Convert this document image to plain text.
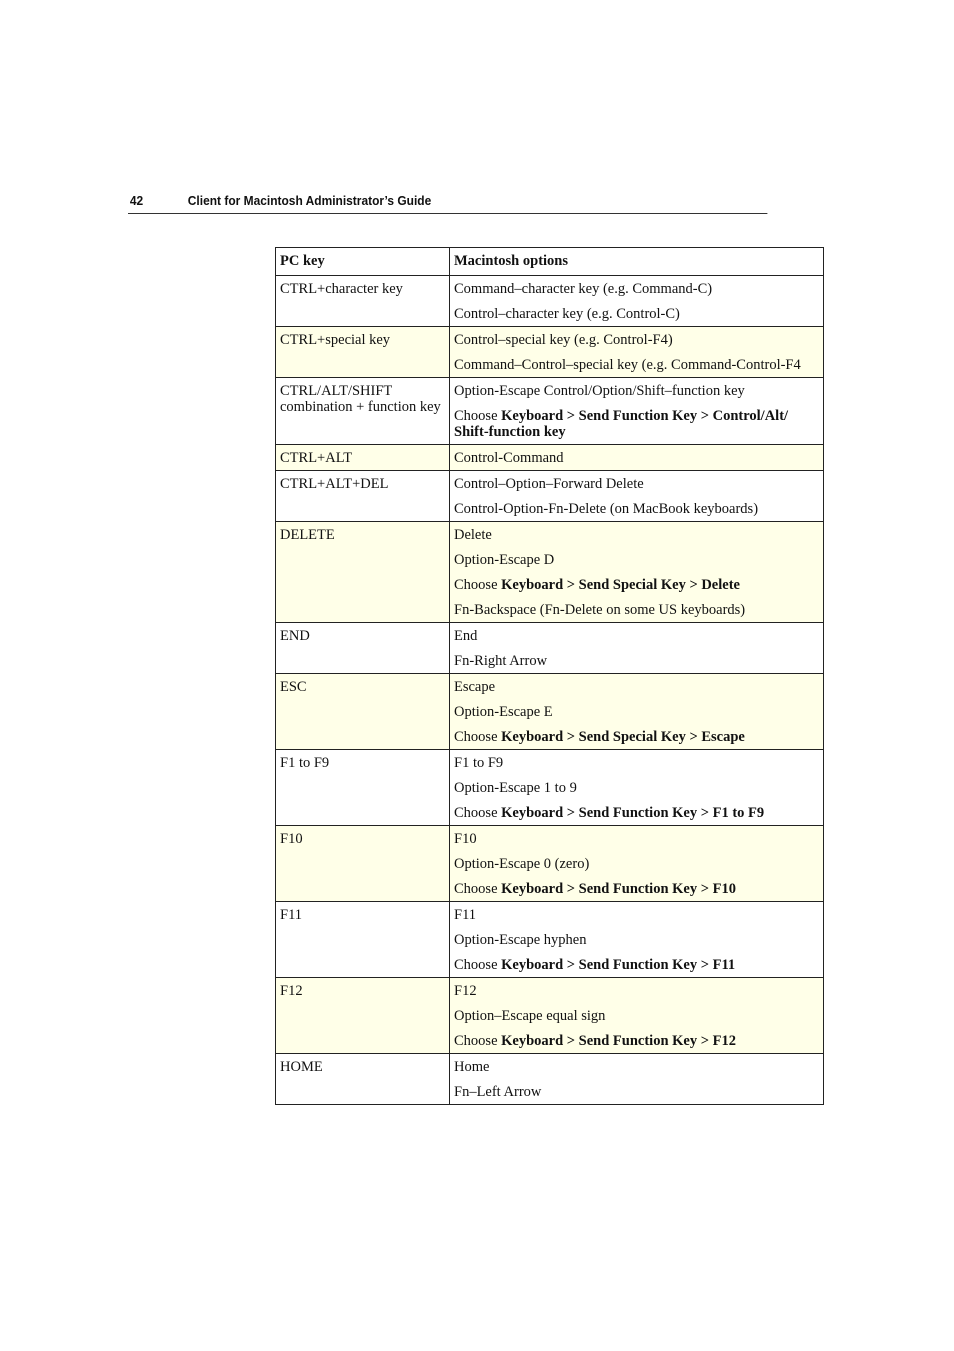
42	Client for Macintosh Administrator’s Guide
PC key	Macintosh options
CTRL+character key	Command–character key (e.g. Command-C)
Control–character key (e.g. Control-C)

CTRL+special key	Control–special key (e.g. Control-F4)
Command–Control–special key (e.g. Command-Control-F4

CTRL/ALT/SHIFT combination + function key	Option-Escape Control/Option/Shift–function key
Choose Keyboard > Send Function Key > Control/Alt/ Shift-function key

CTRL+ALT	Control-Command

CTRL+ALT+DEL	Control–Option–Forward Delete
Control-Option-Fn-Delete (on MacBook keyboards)

DELETE	Delete
Option-Escape D
Choose Keyboard > Send Special Key > Delete
Fn-Backspace (Fn-Delete on some US keyboards)

END	End
Fn-Right Arrow

ESC	Escape
Option-Escape E
Choose Keyboard > Send Special Key > Escape

F1 to F9	F1 to F9
Option-Escape 1 to 9
Choose Keyboard > Send Function Key > F1 to F9

F10	F10
Option-Escape 0 (zero)
Choose Keyboard > Send Function Key > F10

F11	F11
Option-Escape hyphen
Choose Keyboard > Send Function Key > F11

F12	F12
Option–Escape equal sign
Choose Keyboard > Send Function Key > F12

HOME	Home
Fn–Left Arrow
